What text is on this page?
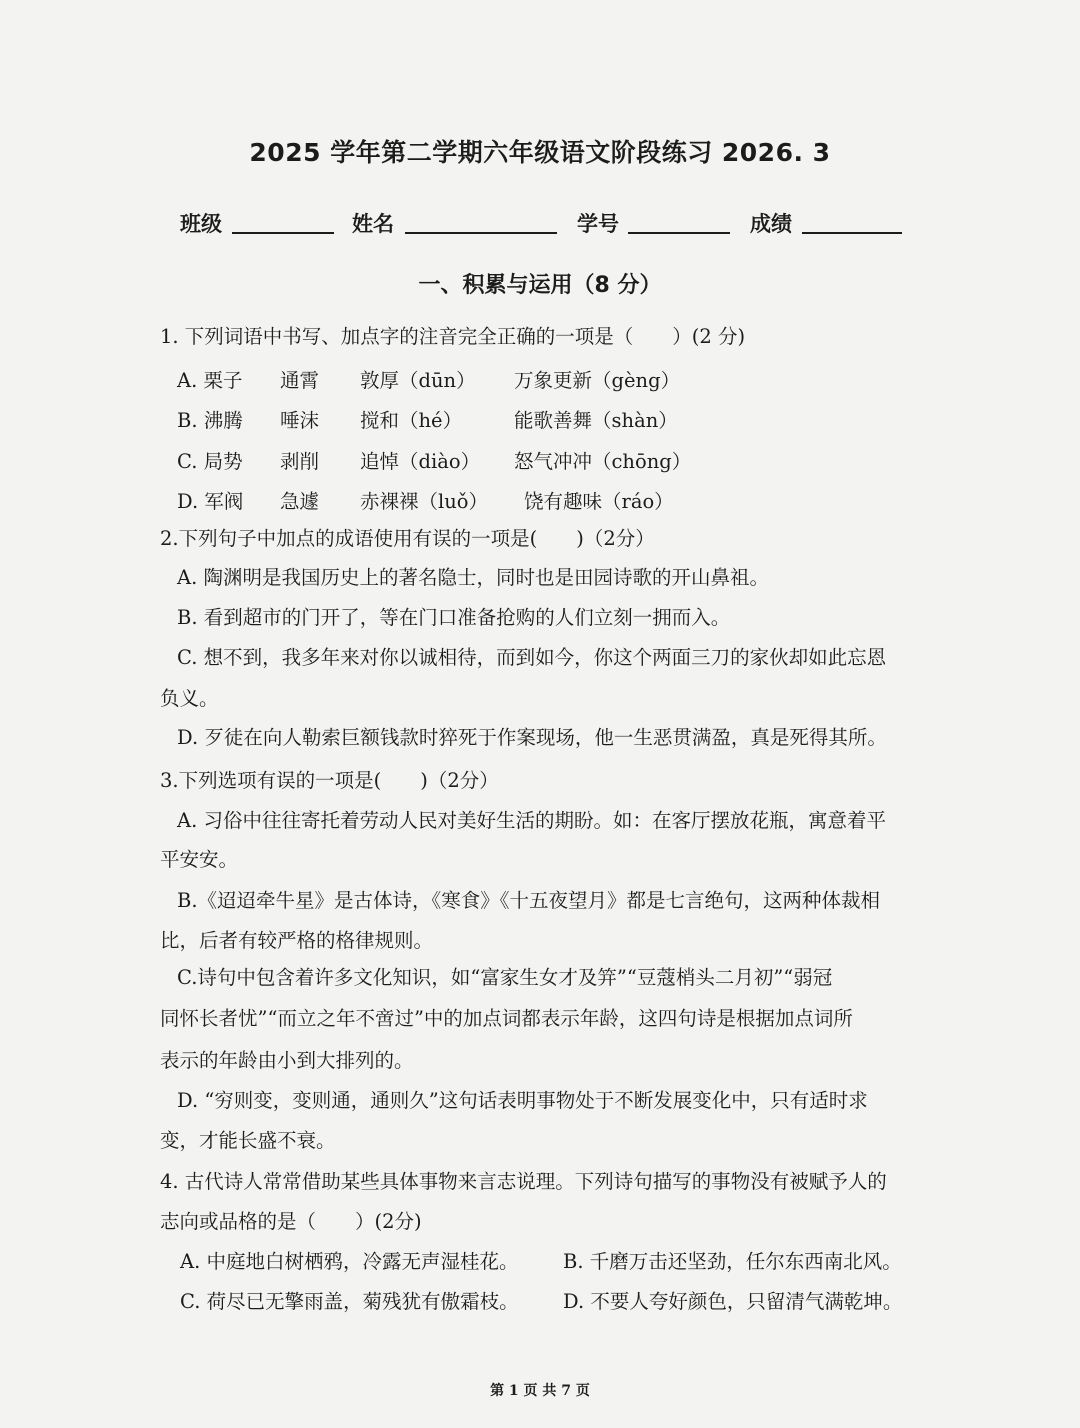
2025 学年第二学期六年级语文阶段练习 2026. 3
班级	姓名	学号	成绩
一、积累与运用（8 分）
1. 下列词语中书写、加点字的注音完全正确的一项是（　　）(2 分)
A. 栗子 通霄 敦厚（dūn） 万象更新（gèng）
B. 沸腾 唾沫 搅和（hé）	能歌善舞（shàn）
C. 局势 剥削 追悼（diào） 怒气冲冲（chōng）
D. 军阀 急遽 赤裸裸（luǒ） 饶有趣味（ráo）
2.下列句子中加点的成语使用有误的一项是(　　)（2分）
A. 陶渊明是我国历史上的著名隐士，同时也是田园诗歌的开山鼻祖。
B. 看到超市的门开了，等在门口准备抢购的人们立刻一拥而入。
C. 想不到，我多年来对你以诚相待，而到如今，你这个两面三刀的家伙却如此忘恩
负义。
D. 歹徒在向人勒索巨额钱款时猝死于作案现场，他一生恶贯满盈，真是死得其所。
3.下列选项有误的一项是(　　)（2分）
A. 习俗中往往寄托着劳动人民对美好生活的期盼。如：在客厅摆放花瓶，寓意着平
平安安。
B.《迢迢牵牛星》是古体诗，《寒食》《十五夜望月》都是七言绝句，这两种体裁相
比，后者有较严格的格律规则。
C.诗句中包含着许多文化知识，如“富家生女才及笄”“豆蔻梢头二月初”“弱冠
同怀长者忧”“而立之年不啻过”中的加点词都表示年龄，这四句诗是根据加点词所
表示的年龄由小到大排列的。
D. “穷则变，变则通，通则久”这句话表明事物处于不断发展变化中，只有适时求
变，才能长盛不衰。
4. 古代诗人常常借助某些具体事物来言志说理。下列诗句描写的事物没有被赋予人的
志向或品格的是（　　）(2分)
A. 中庭地白树栖鸦，冷露无声湿桂花。 B. 千磨万击还坚劲，任尔东西南北风。
C. 荷尽已无擎雨盖，菊残犹有傲霜枝。 D. 不要人夸好颜色，只留清气满乾坤。
第 1 页 共 7 页
